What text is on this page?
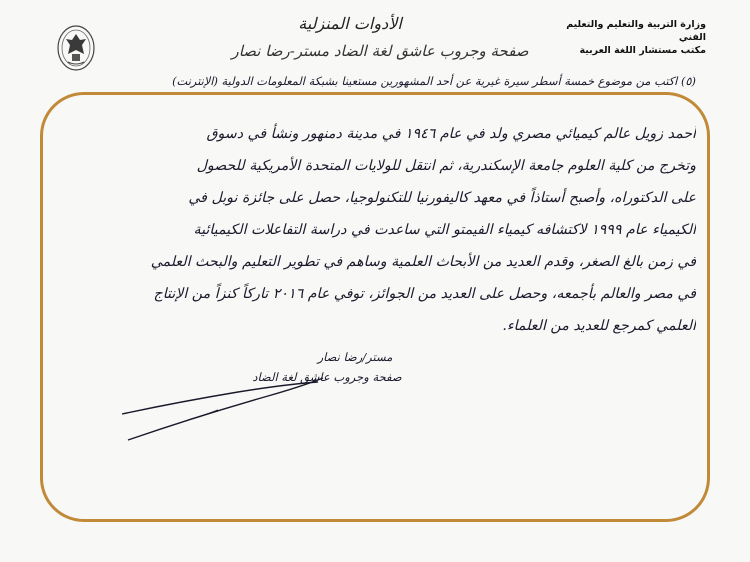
وزارة التربية والتعليم والتعليم الفني
مكتب مستشار اللغة العربية
الأدوات المنزلية
صفحة وجروب عاشق لغة الضاد مستر-رضا نصار
(٥) اكتب من موضوع خمسة أسطر سيرة غيرية عن أحد المشهورين مستعينا بشبكة المعلومات الدولية (الإنترنت)
أحمد زويل عالم كيميائي مصري ولد في عام ١٩٤٦ في مدينة دمنهور ونشأ في دسوق
وتخرج من كلية العلوم جامعة الإسكندرية، ثم انتقل للولايات المتحدة الأمريكية للحصول
على الدكتوراه، وأصبح أستاذاً في معهد كاليفورنيا للتكنولوجيا، حصل على جائزة نوبل في
الكيمياء عام ١٩٩٩ لاكتشافه كيمياء الفيمتو التي ساعدت في دراسة التفاعلات الكيميائية
في زمن بالغ الصغر، وقدم العديد من الأبحاث العلمية وساهم في تطوير التعليم والبحث العلمي
في مصر والعالم بأجمعه، وحصل على العديد من الجوائز، توفي عام ٢٠١٦ تاركاً كنزاً من الإنتاج
العلمي كمرجع للعديد من العلماء.
مستر/رضا نصار
صفحة وجروب عاشق لغة الضاد
